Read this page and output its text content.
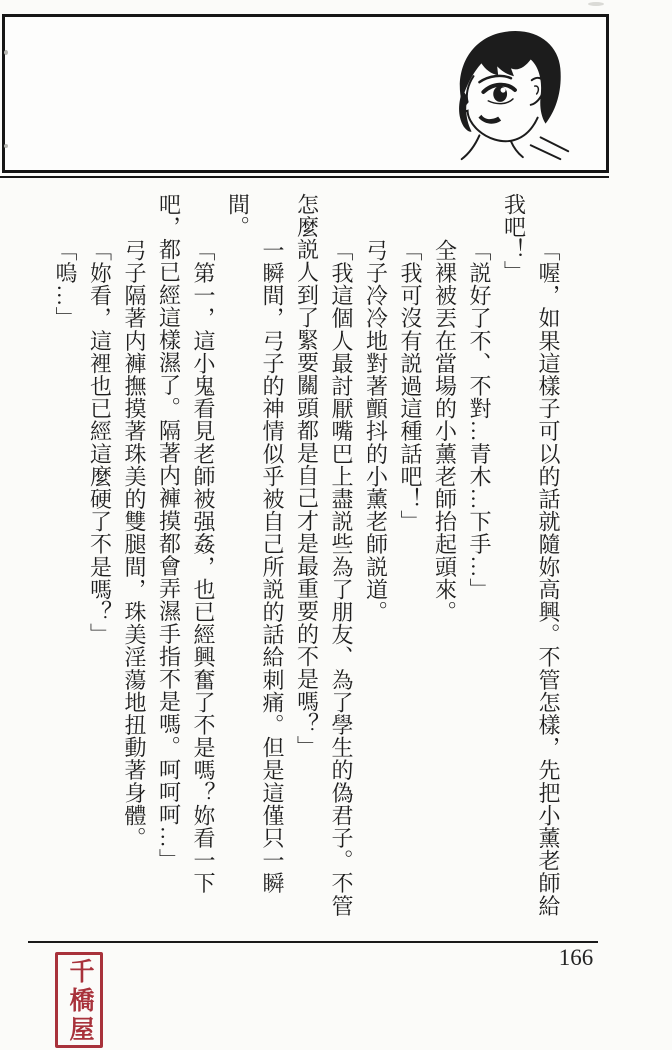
「喔，如果這樣子可以的話就隨妳高興。不管怎樣，先把小薰老師給我吧！」

「説好了不、不對…青木…下手…」

全裸被丟在當場的小薰老師抬起頭來。

「我可沒有説過這種話吧！」

弓子冷冷地對著顫抖的小薰老師説道。

「我這個人最討厭嘴巴上盡説些為了朋友、為了學生的偽君子。不管怎麼説人到了緊要關頭都是自己才是最重要的不是嗎？」

一瞬間，弓子的神情似乎被自己所説的話給刺痛。但是這僅只一瞬間。

「第一，這小鬼看見老師被强姦，也已經興奮了不是嗎？妳看一下吧，都已經這樣濕了。隔著内褲摸都會弄濕手指不是嗎。呵呵呵…」

弓子隔著内褲撫摸著珠美的雙腿間，珠美淫蕩地扭動著身體。

「妳看，這裡也已經這麼硬了不是嗎？」

「嗚…」

166
千橋屋
